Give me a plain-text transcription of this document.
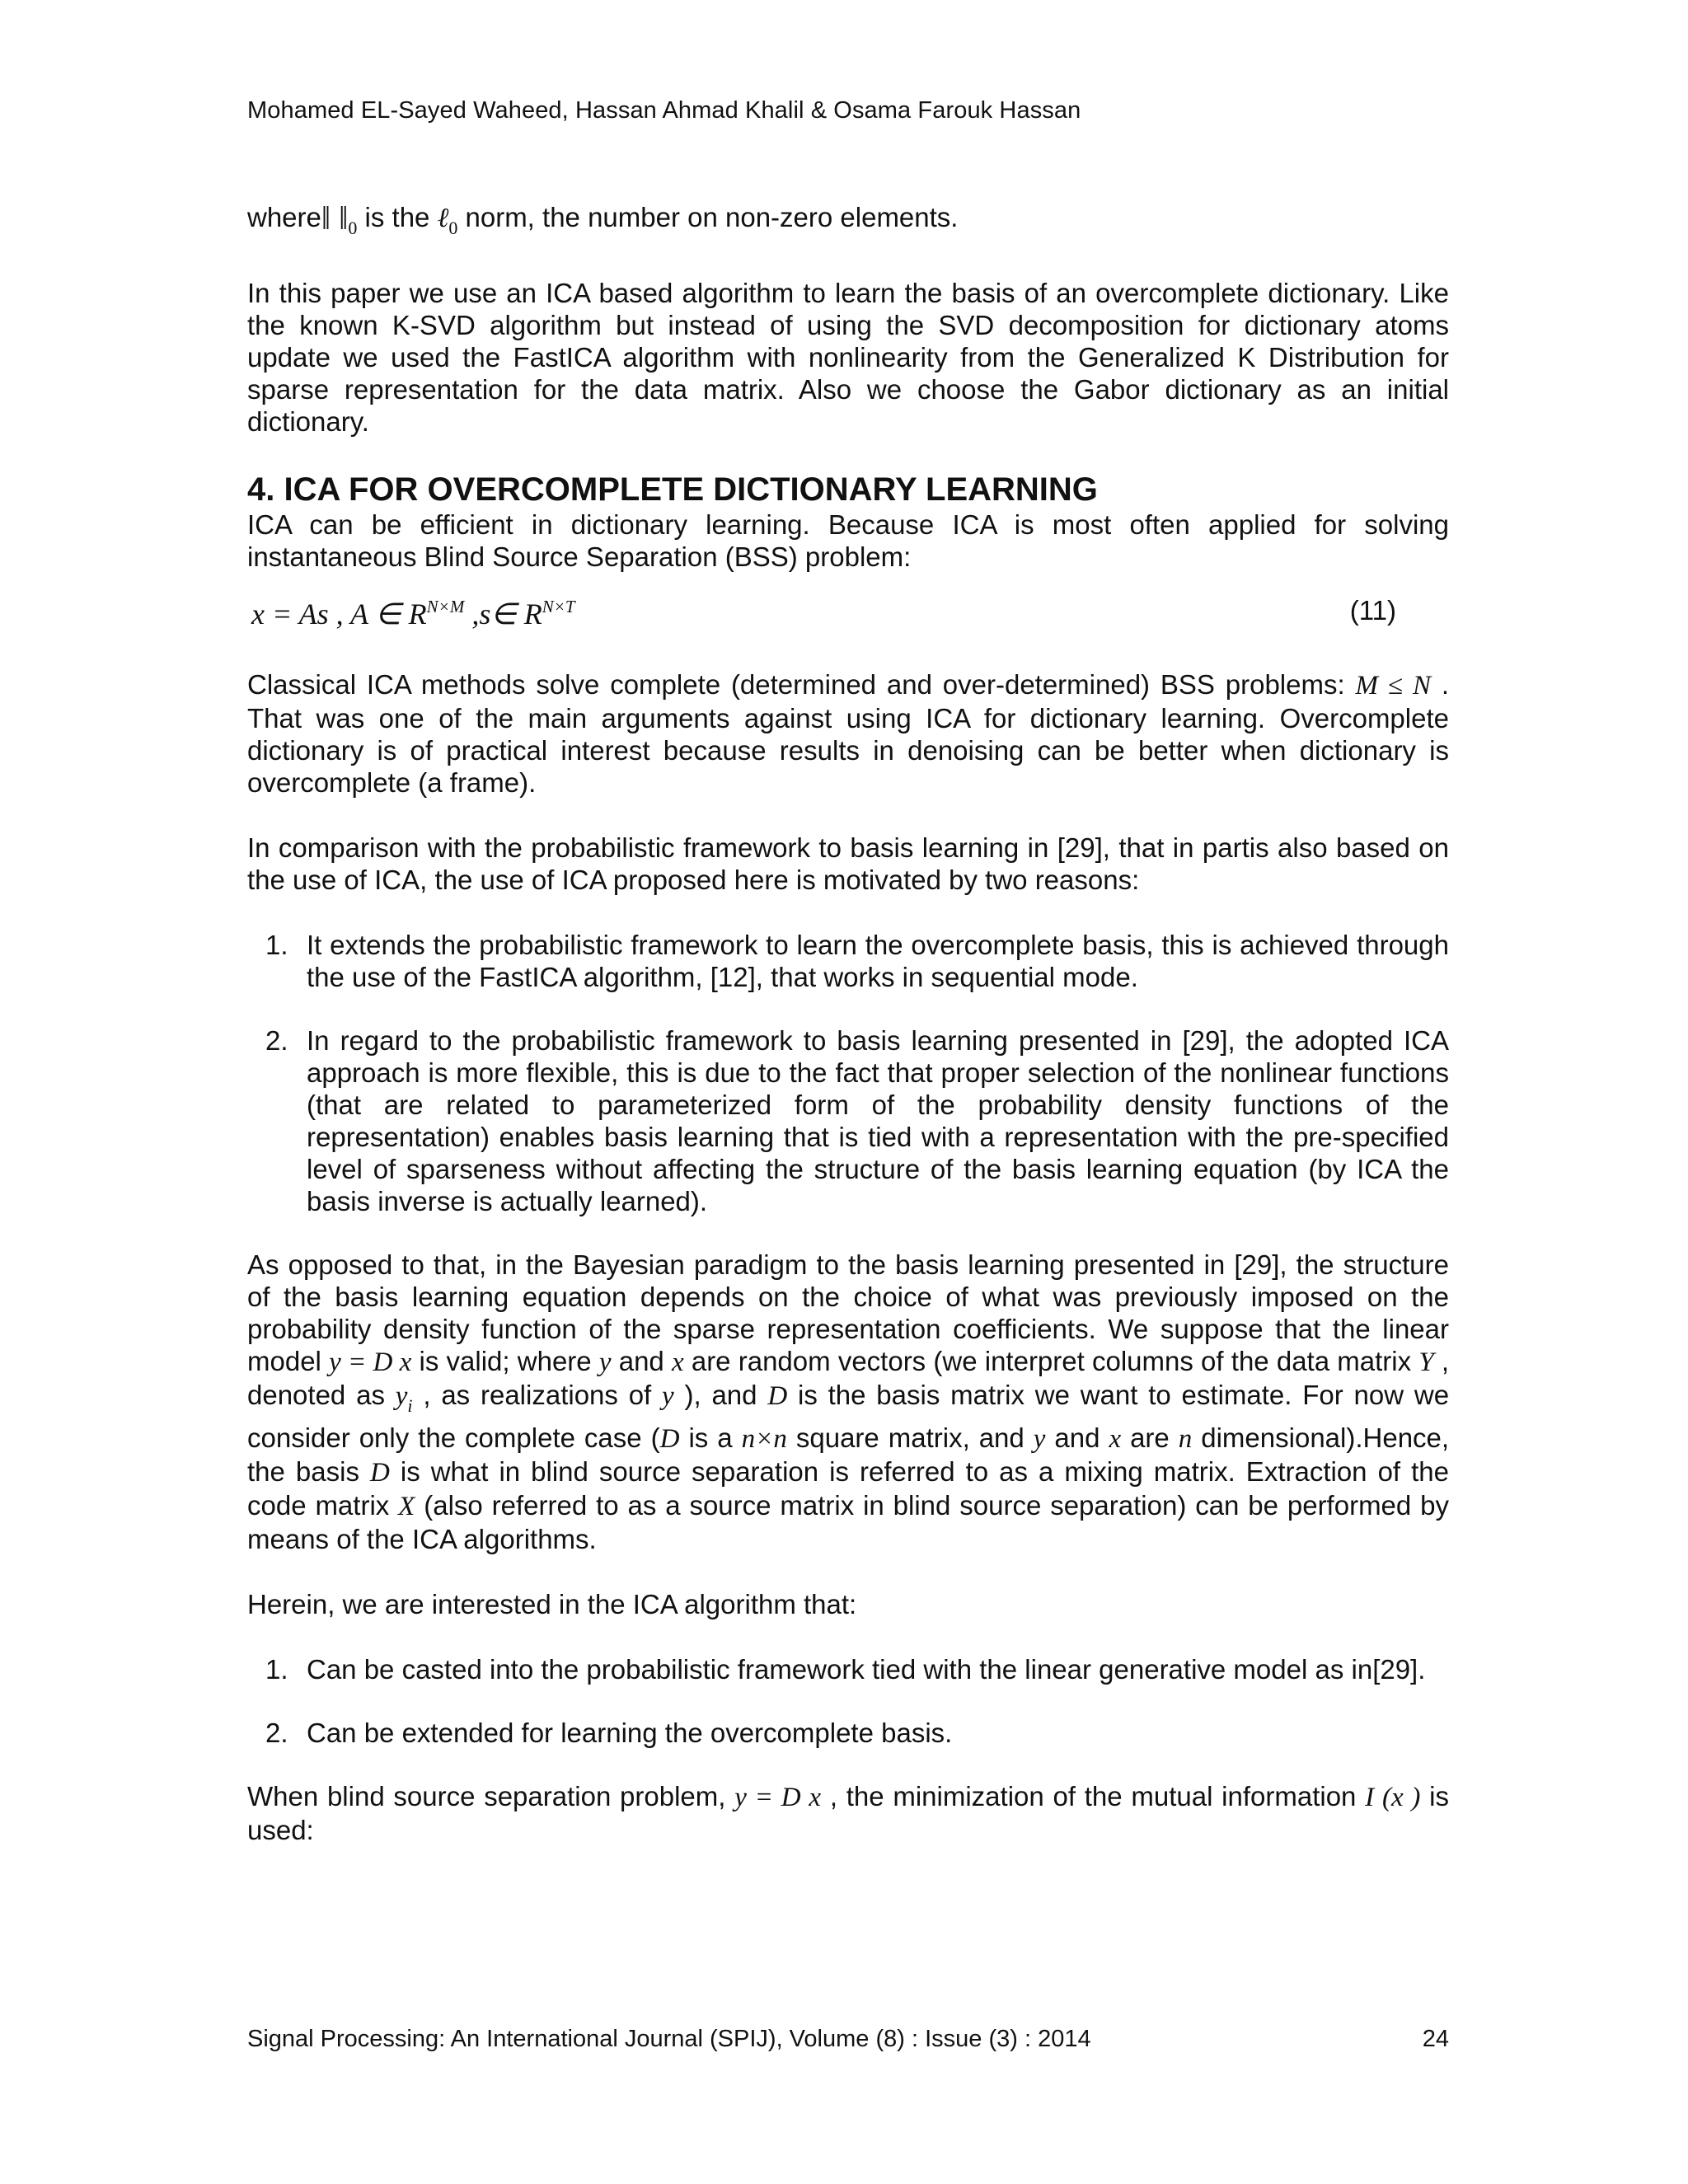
Mohamed EL-Sayed Waheed, Hassan Ahmad Khalil & Osama Farouk Hassan

where‖ $‖_0$ is the ℓ$_0$ norm, the number on non-zero elements.

In this paper we use an ICA based algorithm to learn the basis of an overcomplete dictionary. Like the known K-SVD algorithm but instead of using the SVD decomposition for dictionary atoms update we used the FastICA algorithm with nonlinearity from the Generalized K Distribution for sparse representation for the data matrix. Also we choose the Gabor dictionary as an initial dictionary.

4. ICA FOR OVERCOMPLETE DICTIONARY LEARNING

ICA can be efficient in dictionary learning. Because ICA is most often applied for solving instantaneous Blind Source Separation (BSS) problem:

x = As , A ∈ $R^{N\times M}$ ,s∈ $R^{N\times T}$	(11)

Classical ICA methods solve complete (determined and over-determined) BSS problems: M ≤ N . That was one of the main arguments against using ICA for dictionary learning. Overcomplete dictionary is of practical interest because results in denoising can be better when dictionary is overcomplete (a frame).

In comparison with the probabilistic framework to basis learning in [29], that in partis also based on the use of ICA, the use of ICA proposed here is motivated by two reasons:

1. It extends the probabilistic framework to learn the overcomplete basis, this is achieved through the use of the FastICA algorithm, [12], that works in sequential mode.
2. In regard to the probabilistic framework to basis learning presented in [29], the adopted ICA approach is more flexible, this is due to the fact that proper selection of the nonlinear functions (that are related to parameterized form of the probability density functions of the representation) enables basis learning that is tied with a representation with the pre-specified level of sparseness without affecting the structure of the basis learning equation (by ICA the basis inverse is actually learned).

As opposed to that, in the Bayesian paradigm to the basis learning presented in [29], the structure of the basis learning equation depends on the choice of what was previously imposed on the probability density function of the sparse representation coefficients. We suppose that the linear model y = D x is valid; where y and x are random vectors (we interpret columns of the data matrix Y , denoted as $y_i$ , as realizations of y ), and D is the basis matrix we want to estimate. For now we consider only the complete case (D is a n×n square matrix, and y and x are n dimensional).Hence, the basis D is what in blind source separation is referred to as a mixing matrix. Extraction of the code matrix X (also referred to as a source matrix in blind source separation) can be performed by means of the ICA algorithms.

Herein, we are interested in the ICA algorithm that:

1. Can be casted into the probabilistic framework tied with the linear generative model as in[29].
2. Can be extended for learning the overcomplete basis.

When blind source separation problem, y = D x , the minimization of the mutual information I (x ) is used:

Signal Processing: An International Journal (SPIJ), Volume (8) : Issue (3) : 2014	24
